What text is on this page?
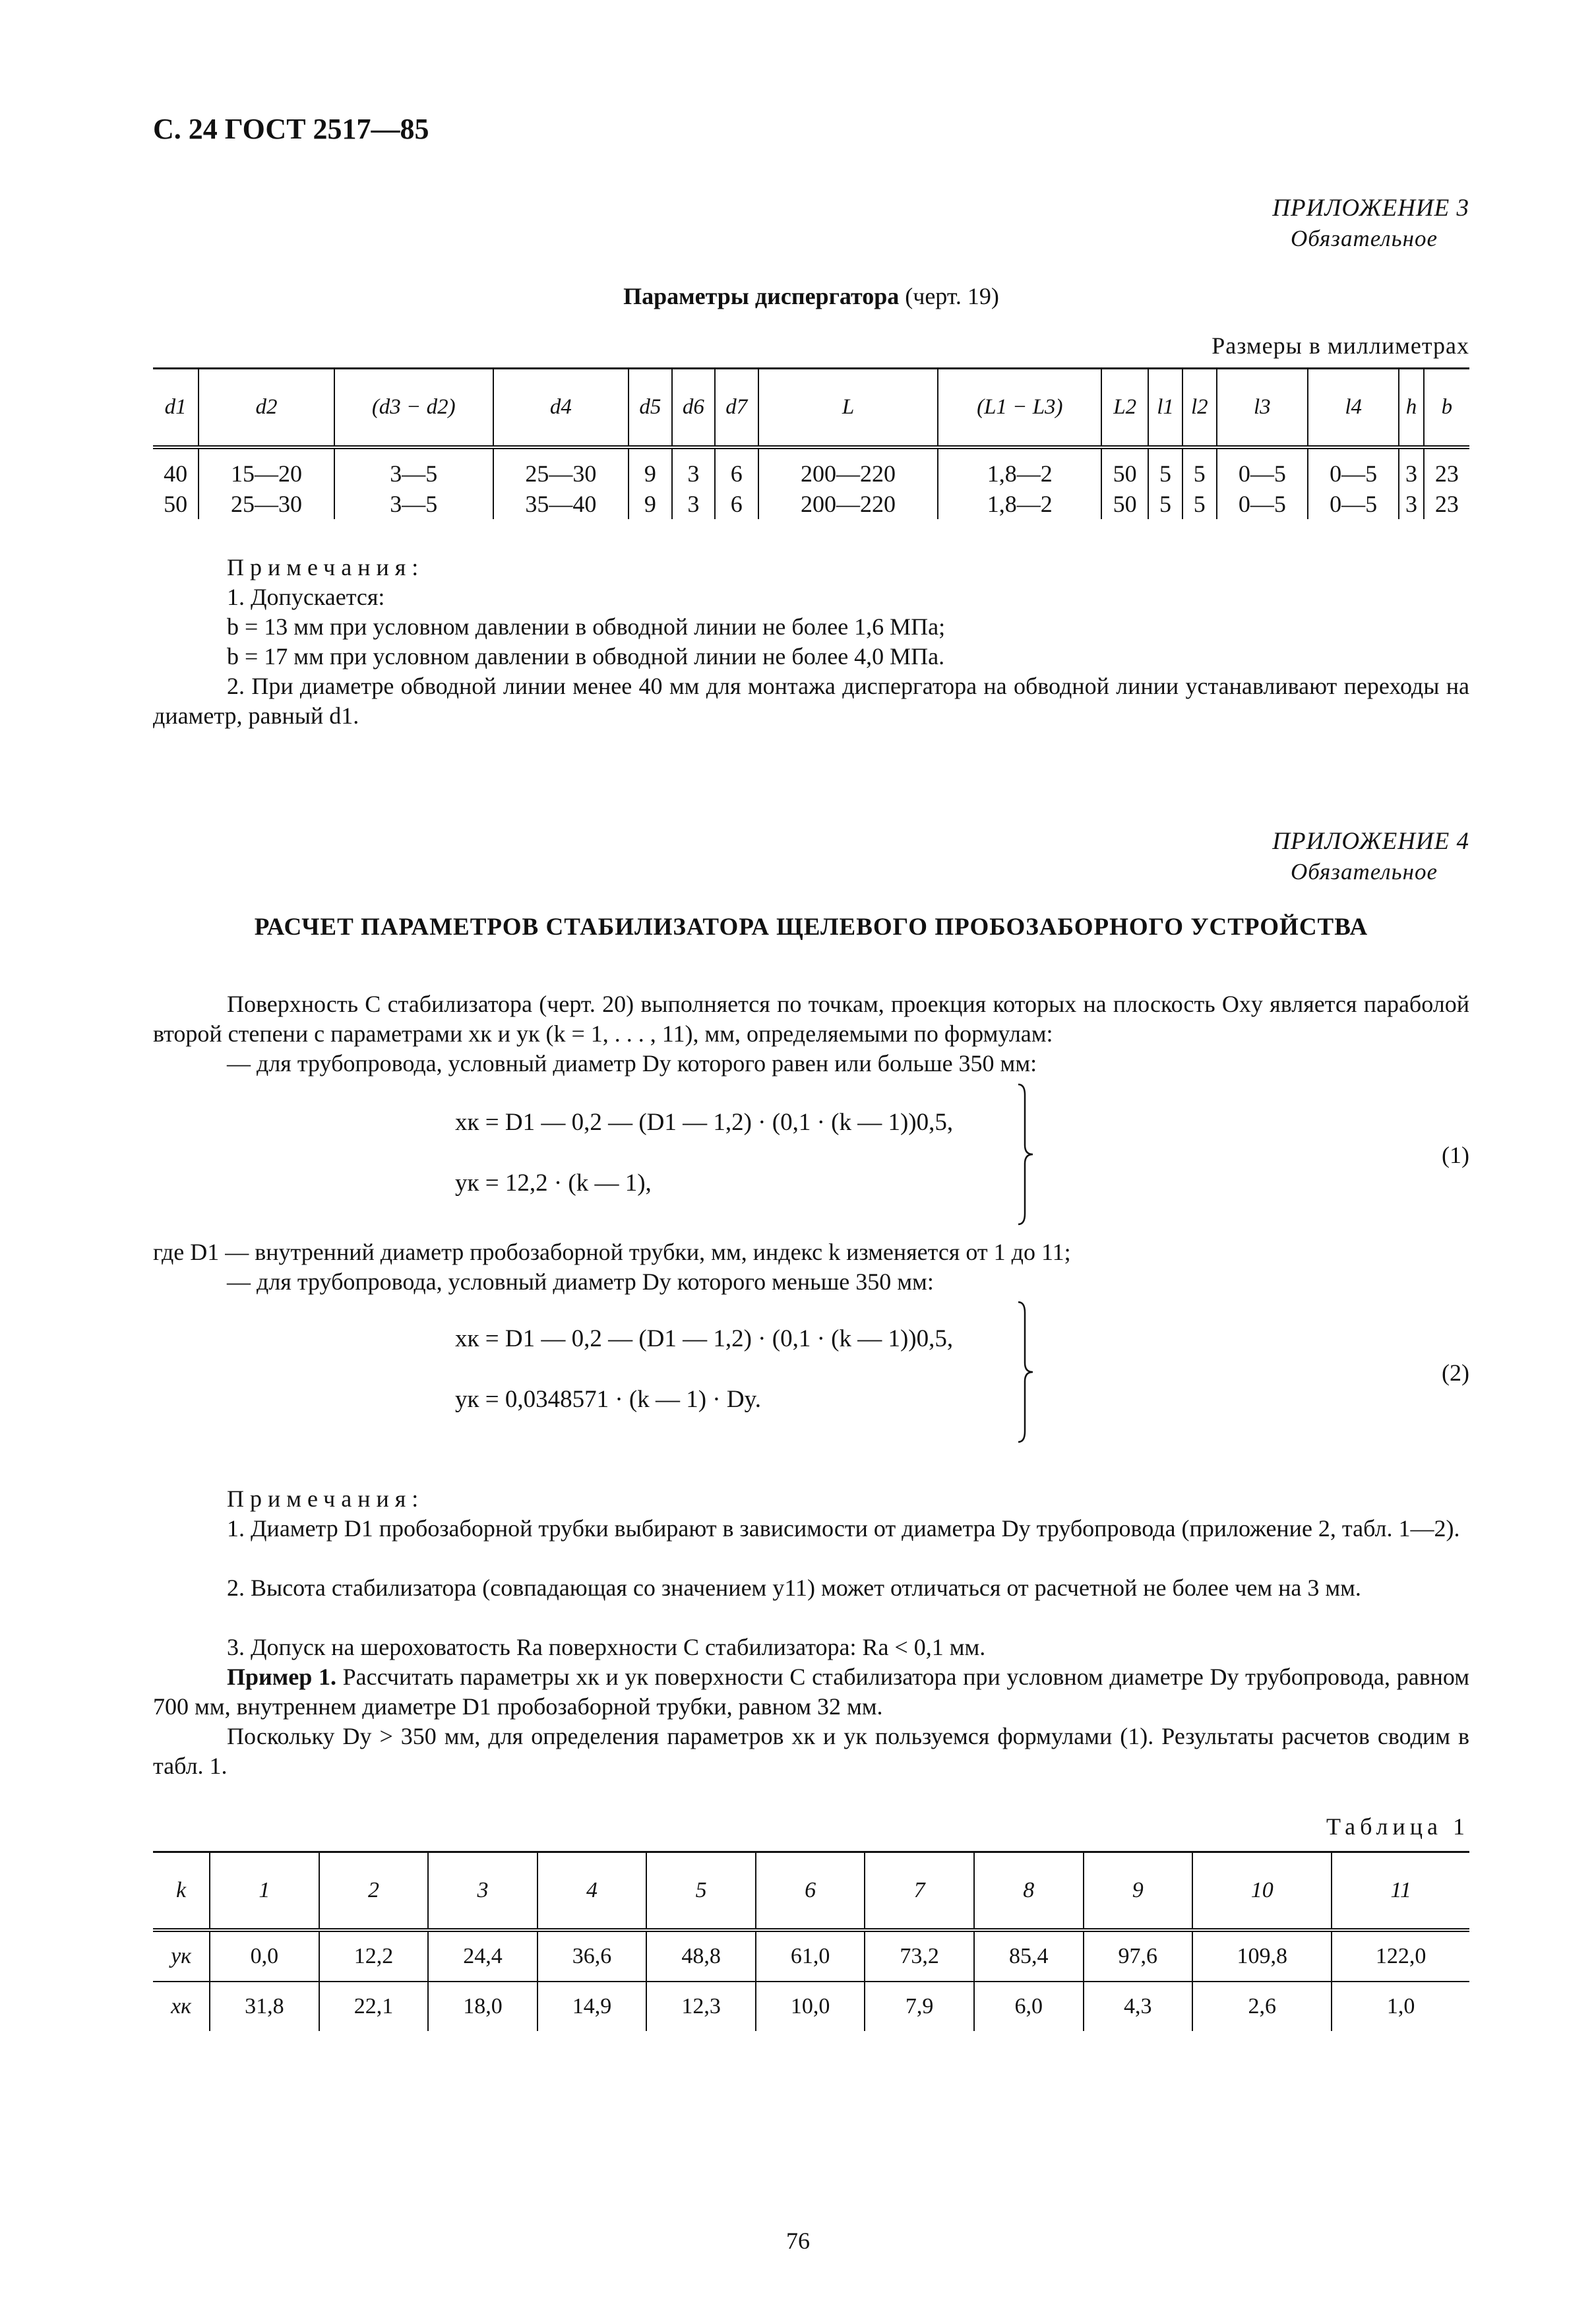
С. 24 ГОСТ 2517—85
ПРИЛОЖЕНИЕ 3
Обязательное
Параметры диспергатора (черт. 19)
Размеры в миллиметрах
d1	d2	(d3 − d2)	d4	d5	d6	d7	L	(L1 − L3)	L2	l1	l2	l3	l4	h	b
40	15—20	3—5	25—30	9	3	6	200—220	1,8—2	50	5	5	0—5	0—5	3	23
50	25—30	3—5	35—40	9	3	6	200—220	1,8—2	50	5	5	0—5	0—5	3	23
Примечания:
1. Допускается:
b = 13 мм при условном давлении в обводной линии не более 1,6 МПа;
b = 17 мм при условном давлении в обводной линии не более 4,0 МПа.
2. При диаметре обводной линии менее 40 мм для монтажа диспергатора на обводной линии устанавливают переходы на диаметр, равный d1.
ПРИЛОЖЕНИЕ 4
Обязательное
РАСЧЕТ ПАРАМЕТРОВ СТАБИЛИЗАТОРА ЩЕЛЕВОГО ПРОБОЗАБОРНОГО УСТРОЙСТВА
Поверхность C стабилизатора (черт. 20) выполняется по точкам, проекция которых на плоскость Oxy является параболой второй степени с параметрами xк и yк (k = 1, . . . , 11), мм, определяемыми по формулам:
— для трубопровода, условный диаметр Dy которого равен или больше 350 мм:
xк = D1 — 0,2 — (D1 — 1,2) · (0,1 · (k — 1))0,5,
yк = 12,2 · (k — 1),
(1)
где D1 — внутренний диаметр пробозаборной трубки, мм, индекс k изменяется от 1 до 11;
— для трубопровода, условный диаметр Dy которого меньше 350 мм:
xк = D1 — 0,2 — (D1 — 1,2) · (0,1 · (k — 1))0,5,
yк = 0,0348571 · (k — 1) · Dy.
(2)
Примечания:
1. Диаметр D1 пробозаборной трубки выбирают в зависимости от диаметра Dy трубопровода (приложение 2, табл. 1—2).
2. Высота стабилизатора (совпадающая со значением y11) может отличаться от расчетной не более чем на 3 мм.
3. Допуск на шероховатость Ra поверхности C стабилизатора: Ra < 0,1 мм.
Пример 1. Рассчитать параметры xк и yк поверхности C стабилизатора при условном диаметре Dy трубопровода, равном 700 мм, внутреннем диаметре D1 пробозаборной трубки, равном 32 мм.
Поскольку Dy > 350 мм, для определения параметров xк и yк пользуемся формулами (1). Результаты расчетов сводим в табл. 1.
Таблица 1
k	1	2	3	4	5	6	7	8	9	10	11
yк	0,0	12,2	24,4	36,6	48,8	61,0	73,2	85,4	97,6	109,8	122,0
xк	31,8	22,1	18,0	14,9	12,3	10,0	7,9	6,0	4,3	2,6	1,0
76
